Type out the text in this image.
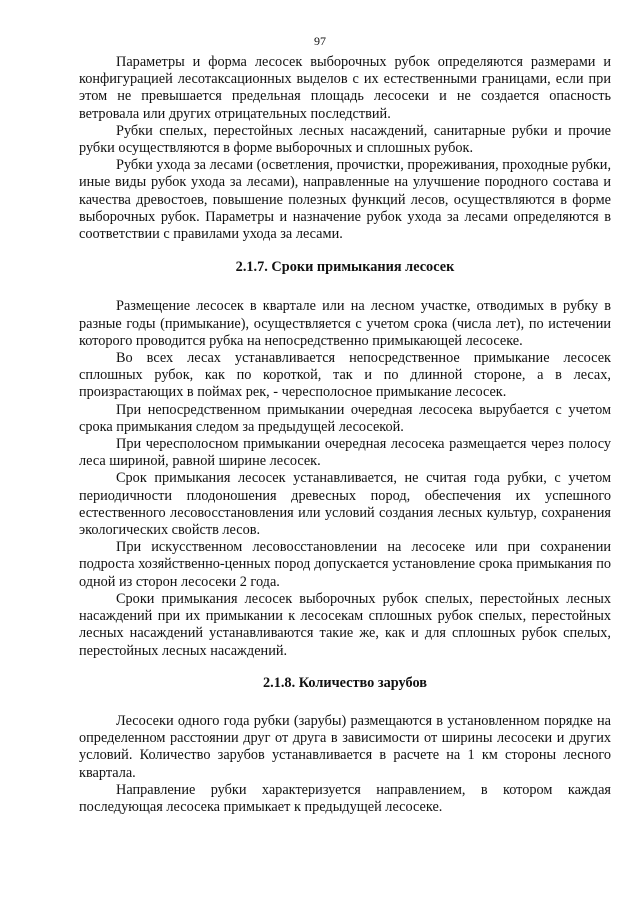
97

Параметры и форма лесосек выборочных рубок определяются размерами и конфигурацией лесотаксационных выделов с их естественными границами, если при этом не превышается предельная площадь лесосеки и не создается опасность ветровала или других отрицательных последствий.

Рубки спелых, перестойных лесных насаждений, санитарные рубки и прочие рубки осуществляются в форме выборочных и сплошных рубок.

Рубки ухода за лесами (осветления, прочистки, прореживания, проходные рубки, иные виды рубок ухода за лесами), направленные на улучшение породного состава и качества древостоев, повышение полезных функций лесов, осуществляются в форме выборочных рубок. Параметры и назначение рубок ухода за лесами определяются в соответствии с правилами ухода за лесами.

2.1.7. Сроки примыкания лесосек

Размещение лесосек в квартале или на лесном участке, отводимых в рубку в разные годы (примыкание), осуществляется с учетом срока (числа лет), по истечении которого проводится рубка на непосредственно примыкающей лесосеке.

Во всех лесах устанавливается непосредственное примыкание лесосек сплошных рубок, как по короткой, так и по длинной стороне, а в лесах, произрастающих в поймах рек, - чересполосное примыкание лесосек.

При непосредственном примыкании очередная лесосека вырубается с учетом срока примыкания следом за предыдущей лесосекой.

При чересполосном примыкании очередная лесосека размещается через полосу леса шириной, равной ширине лесосек.

Срок примыкания лесосек устанавливается, не считая года рубки, с учетом периодичности плодоношения древесных пород, обеспечения их успешного естественного лесовосстановления или условий создания лесных культур, сохранения экологических свойств лесов.

При искусственном лесовосстановлении на лесосеке или при сохранении подроста хозяйственно-ценных пород допускается установление срока примыкания по одной из сторон лесосеки 2 года.

Сроки примыкания лесосек выборочных рубок спелых, перестойных лесных насаждений при их примыкании к лесосекам сплошных рубок спелых, перестойных лесных насаждений устанавливаются такие же, как и для сплошных рубок спелых, перестойных лесных насаждений.

2.1.8. Количество зарубов

Лесосеки одного года рубки (зарубы) размещаются в установленном порядке на определенном расстоянии друг от друга в зависимости от ширины лесосеки и других условий. Количество зарубов устанавливается в расчете на 1 км стороны лесного квартала.

Направление рубки характеризуется направлением, в котором каждая последующая лесосека примыкает к предыдущей лесосеке.
